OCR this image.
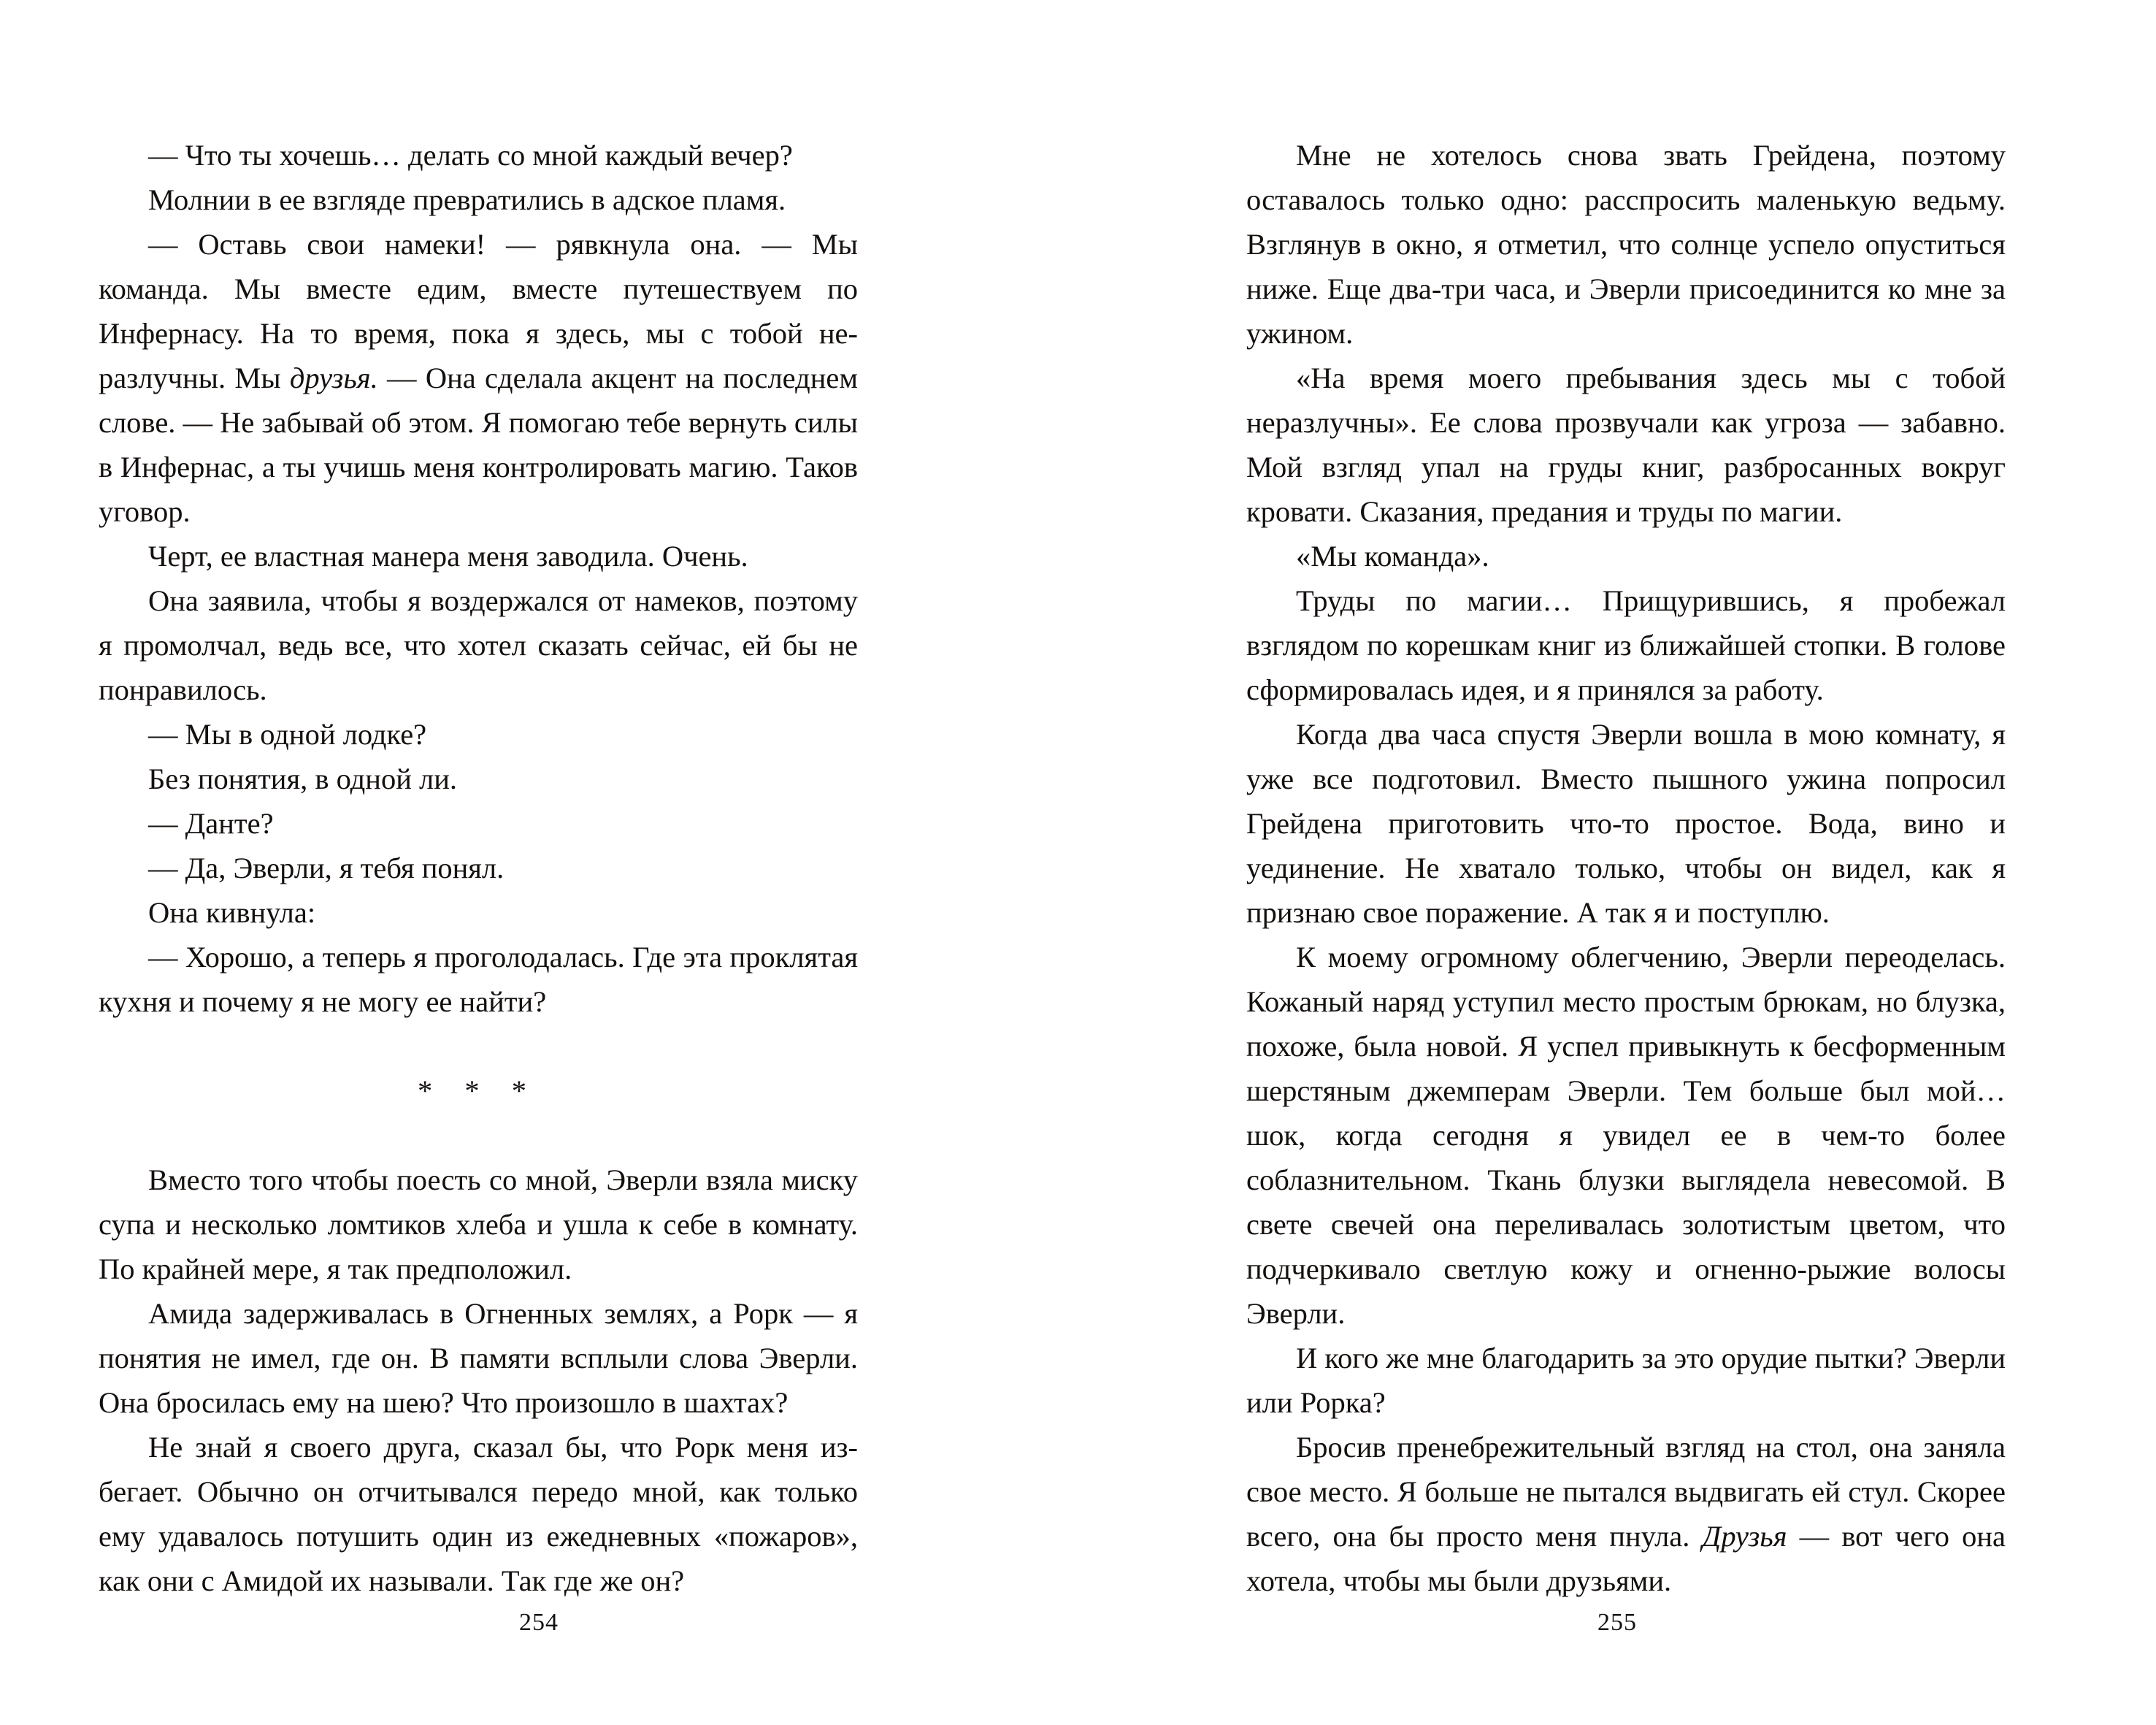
— Что ты хочешь… делать со мной каждый вечер?

Молнии в ее взгляде превратились в адское пламя.

— Оставь свои намеки! — рявкнула она. — Мы команда. Мы вместе едим, вместе путешествуем по Инфернасу. На то время, пока я здесь, мы с тобой неразлучны. Мы друзья. — Она сделала акцент на последнем слове. — Не забывай об этом. Я помогаю тебе вернуть силы в Инфернас, а ты учишь меня контролировать магию. Таков уговор.

Черт, ее властная манера меня заводила. Очень.

Она заявила, чтобы я воздержался от намеков, поэтому я промолчал, ведь все, что хотел сказать сейчас, ей бы не понравилось.

— Мы в одной лодке?

Без понятия, в одной ли.

— Данте?

— Да, Эверли, я тебя понял.

Она кивнула:

— Хорошо, а теперь я проголодалась. Где эта проклятая кухня и почему я не могу ее найти?

* * *

Вместо того чтобы поесть со мной, Эверли взяла миску супа и несколько ломтиков хлеба и ушла к себе в комнату. По крайней мере, я так предположил.

Амида задерживалась в Огненных землях, а Рорк — я понятия не имел, где он. В памяти всплыли слова Эверли. Она бросилась ему на шею? Что произошло в шахтах?

Не знай я своего друга, сказал бы, что Рорк меня избегает. Обычно он отчитывался передо мной, как только ему удавалось потушить один из ежедневных «пожаров», как они с Амидой их называли. Так где же он?

254

Мне не хотелось снова звать Грейдена, поэтому оставалось только одно: расспросить маленькую ведьму. Взглянув в окно, я отметил, что солнце успело опуститься ниже. Еще два-три часа, и Эверли присоединится ко мне за ужином.

«На время моего пребывания здесь мы с тобой неразлучны». Ее слова прозвучали как угроза — забавно. Мой взгляд упал на груды книг, разбросанных вокруг кровати. Сказания, предания и труды по магии.

«Мы команда».

Труды по магии… Прищурившись, я пробежал взглядом по корешкам книг из ближайшей стопки. В голове сформировалась идея, и я принялся за работу.

Когда два часа спустя Эверли вошла в мою комнату, я уже все подготовил. Вместо пышного ужина попросил Грейдена приготовить что-то простое. Вода, вино и уединение. Не хватало только, чтобы он видел, как я признаю свое поражение. А так я и поступлю.

К моему огромному облегчению, Эверли переоделась. Кожаный наряд уступил место простым брюкам, но блузка, похоже, была новой. Я успел привыкнуть к бесформенным шерстяным джемперам Эверли. Тем больше был мой… шок, когда сегодня я увидел ее в чем-то более соблазнительном. Ткань блузки выглядела невесомой. В свете свечей она переливалась золотистым цветом, что подчеркивало светлую кожу и огненно-рыжие волосы Эверли.

И кого же мне благодарить за это орудие пытки? Эверли или Рорка?

Бросив пренебрежительный взгляд на стол, она заняла свое место. Я больше не пытался выдвигать ей стул. Скорее всего, она бы просто меня пнула. Друзья — вот чего она хотела, чтобы мы были друзьями.

255
